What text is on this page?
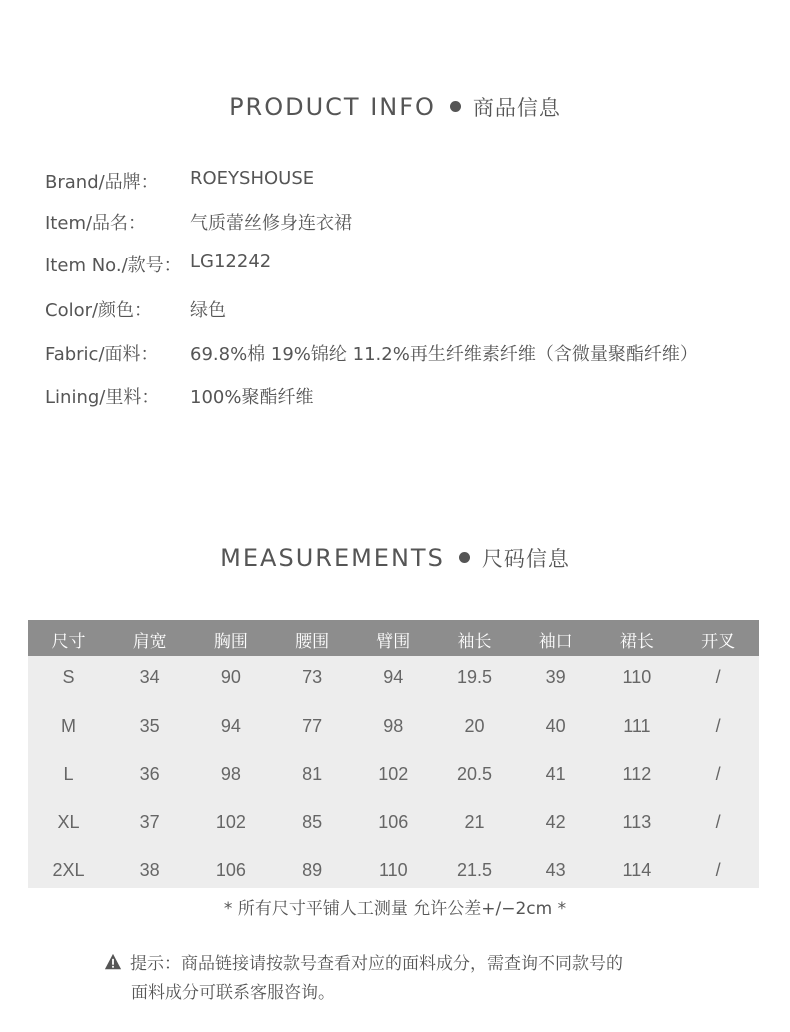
PRODUCT INFO 商品信息
Brand/品牌： ROEYSHOUSE
Item/品名： 气质蕾丝修身连衣裙
Item No./款号： LG12242
Color/颜色： 绿色
Fabric/面料： 69.8%棉 19%锦纶 11.2%再生纤维素纤维（含微量聚酯纤维）
Lining/里料： 100%聚酯纤维
MEASUREMENTS 尺码信息
尺寸	肩宽	胸围	腰围	臂围	袖长	袖口	裙长	开叉
S	34	90	73	94	19.5	39	110	/
M	35	94	77	98	20	40	111	/
L	36	98	81	102	20.5	41	112	/
XL	37	102	85	106	21	42	113	/
2XL	38	106	89	110	21.5	43	114	/
* 所有尺寸平铺人工测量 允许公差+/−2cm *
提示：商品链接请按款号查看对应的面料成分，需查询不同款号的
面料成分可联系客服咨询。
